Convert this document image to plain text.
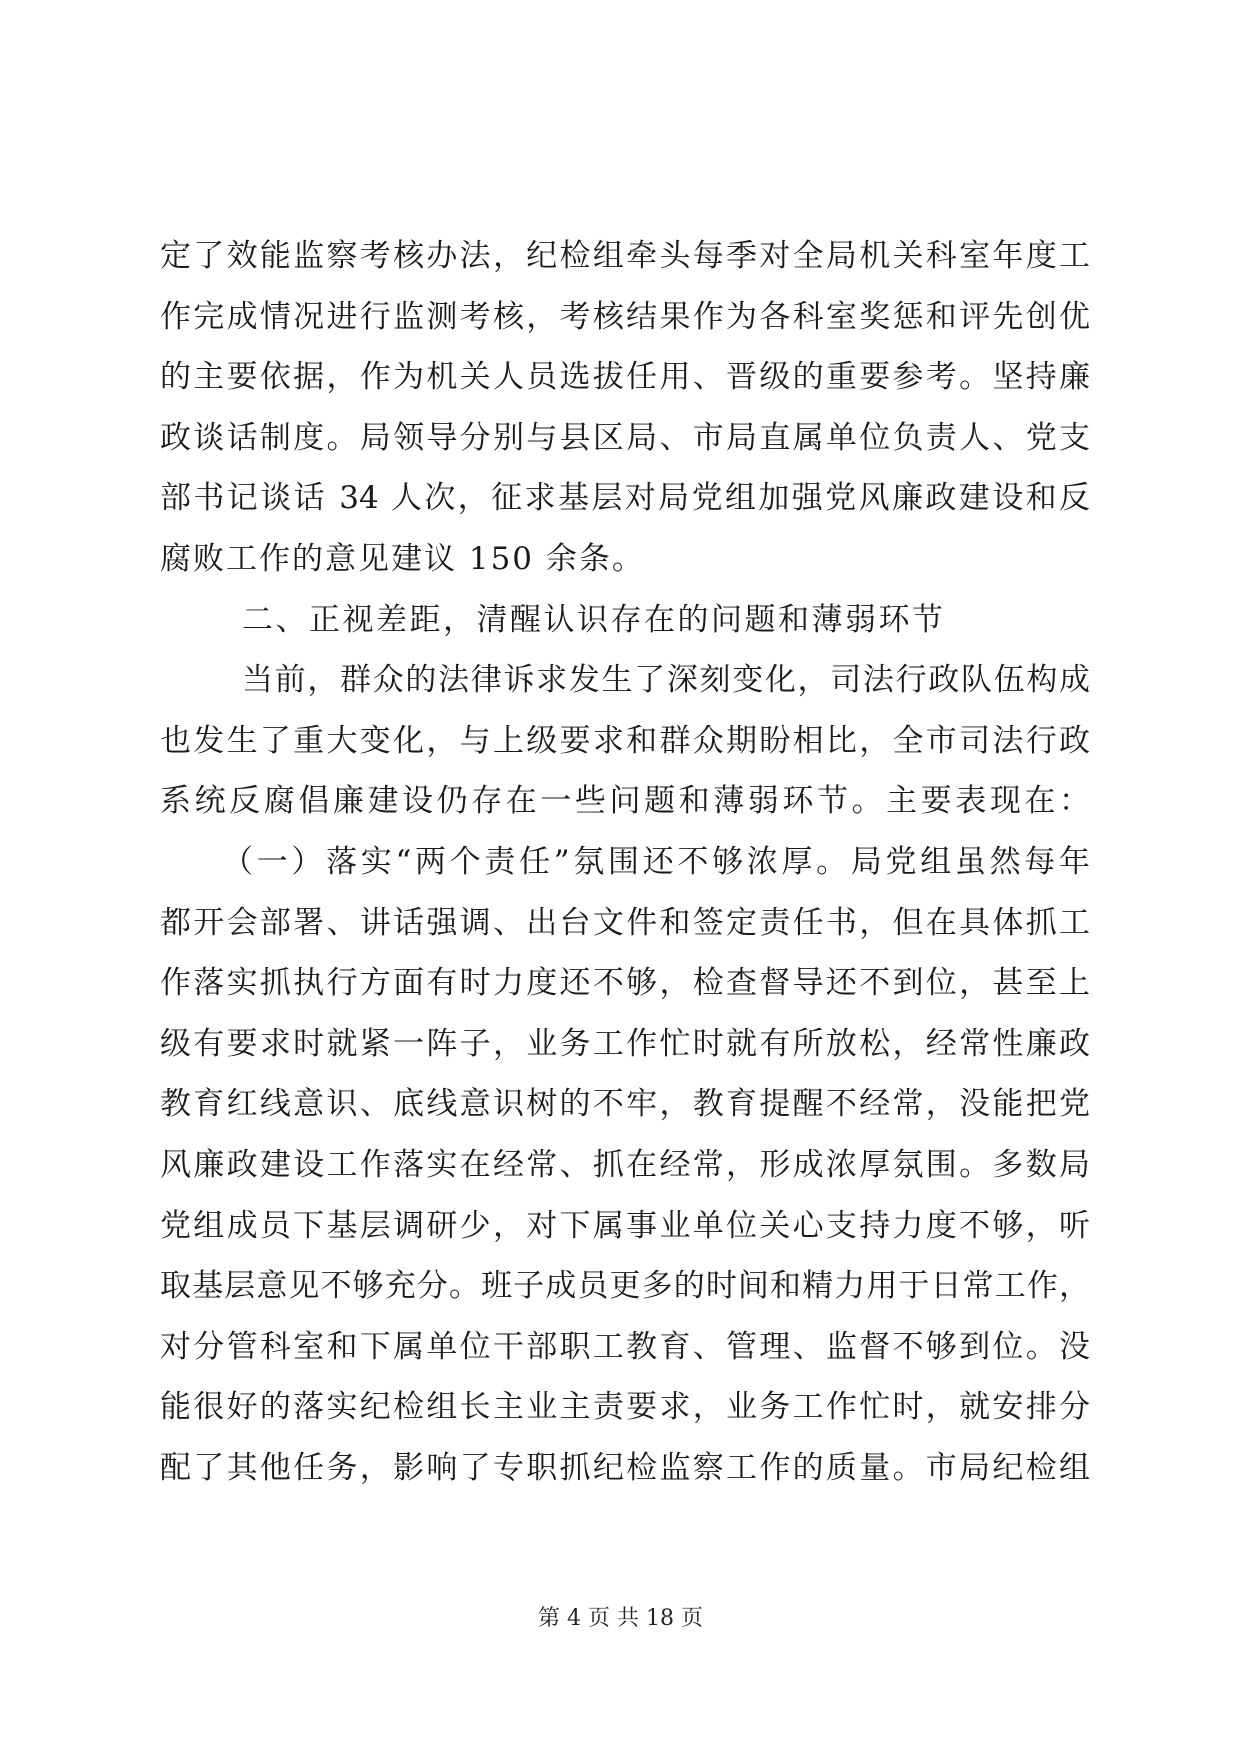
定了效能监察考核办法，纪检组牵头每季对全局机关科室年度工
作完成情况进行监测考核，考核结果作为各科室奖惩和评先创优
的主要依据，作为机关人员选拔任用、晋级的重要参考。坚持廉
政谈话制度。局领导分别与县区局、市局直属单位负责人、党支
部书记谈话 34 人次，征求基层对局党组加强党风廉政建设和反
腐败工作的意见建议 150 余条。
二、正视差距，清醒认识存在的问题和薄弱环节
当前，群众的法律诉求发生了深刻变化，司法行政队伍构成
也发生了重大变化，与上级要求和群众期盼相比，全市司法行政
系统反腐倡廉建设仍存在一些问题和薄弱环节。主要表现在：
（一）落实“两个责任”氛围还不够浓厚。局党组虽然每年
都开会部署、讲话强调、出台文件和签定责任书，但在具体抓工
作落实抓执行方面有时力度还不够，检查督导还不到位，甚至上
级有要求时就紧一阵子，业务工作忙时就有所放松，经常性廉政
教育红线意识、底线意识树的不牢，教育提醒不经常，没能把党
风廉政建设工作落实在经常、抓在经常，形成浓厚氛围。多数局
党组成员下基层调研少，对下属事业单位关心支持力度不够，听
取基层意见不够充分。班子成员更多的时间和精力用于日常工作，
对分管科室和下属单位干部职工教育、管理、监督不够到位。没
能很好的落实纪检组长主业主责要求，业务工作忙时，就安排分
配了其他任务，影响了专职抓纪检监察工作的质量。市局纪检组
第 4 页 共 18 页
